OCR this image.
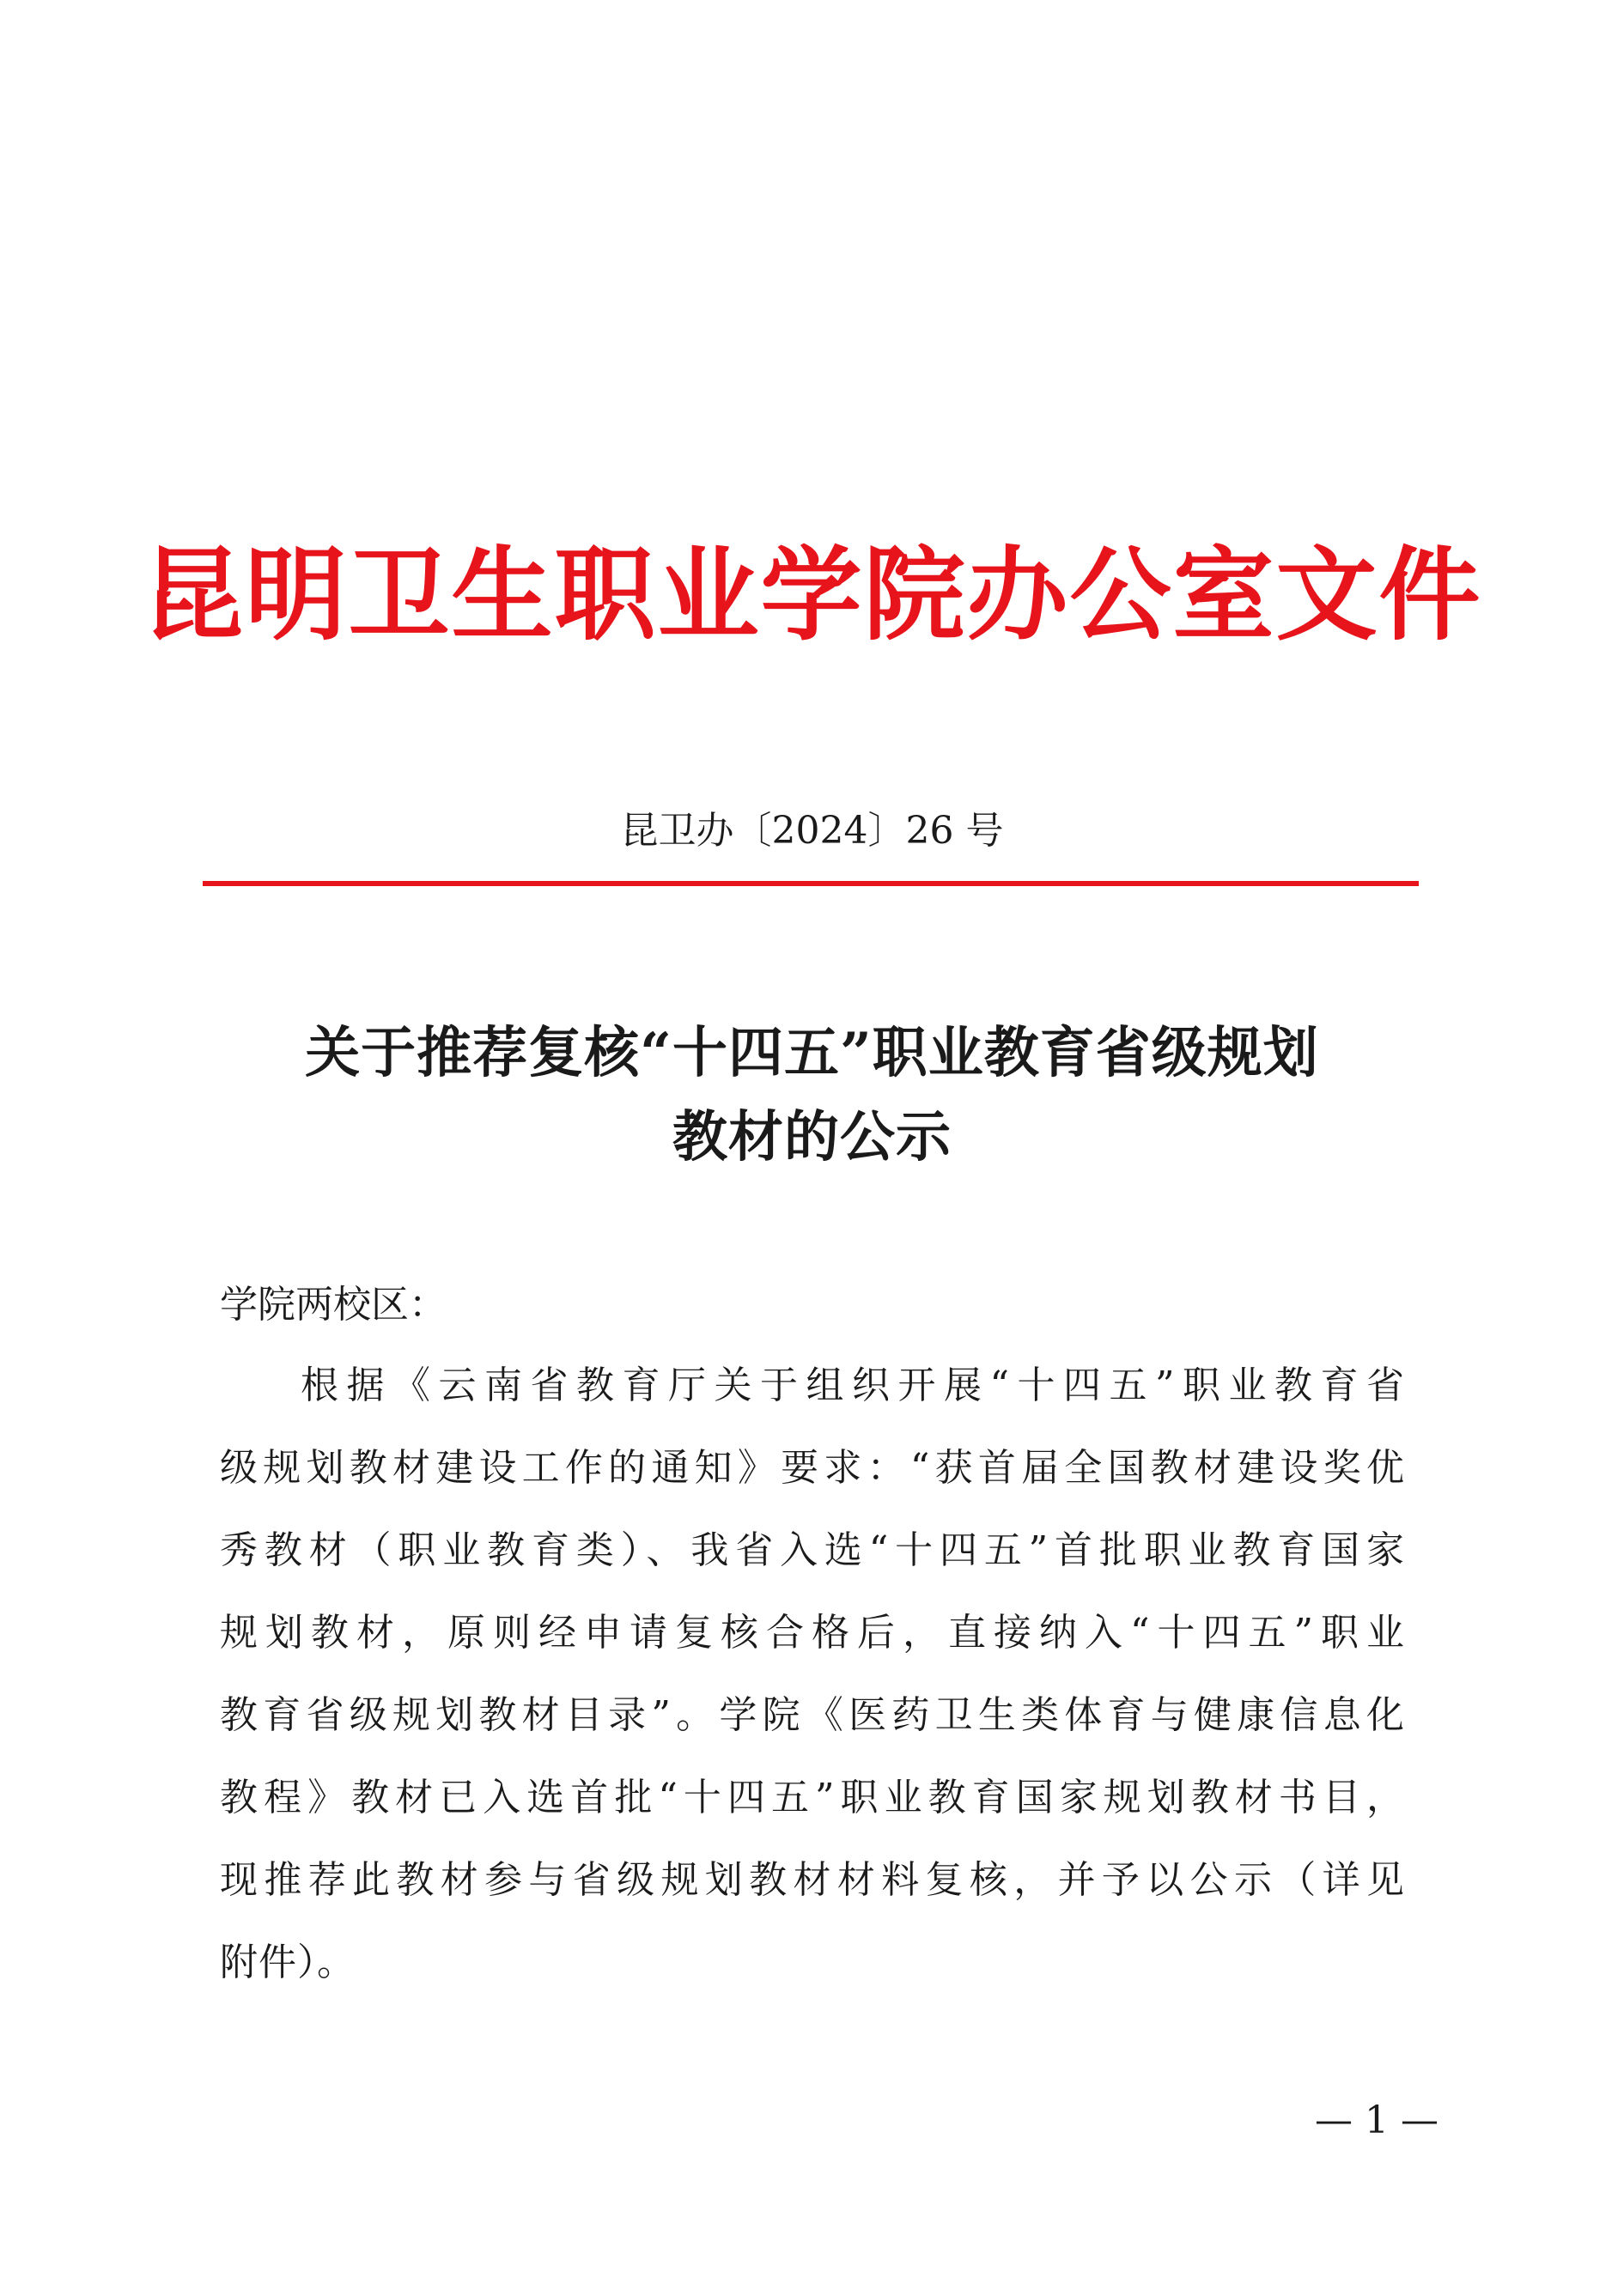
昆明卫生职业学院办公室文件
昆卫办〔2024〕26 号
关于推荐复核“十四五”职业教育省级规划
教材的公示
学院两校区：
根据《云南省教育厅关于组织开展“十四五”职业教育省
级规划教材建设工作的通知》要求：“获首届全国教材建设奖优
秀教材（职业教育类）、我省入选“十四五”首批职业教育国家
规划教材，原则经申请复核合格后，直接纳入“十四五”职业
教育省级规划教材目录”。学院《医药卫生类体育与健康信息化
教程》教材已入选首批“十四五”职业教育国家规划教材书目，
现推荐此教材参与省级规划教材材料复核，并予以公示（详见
附件）。
— 1 —
